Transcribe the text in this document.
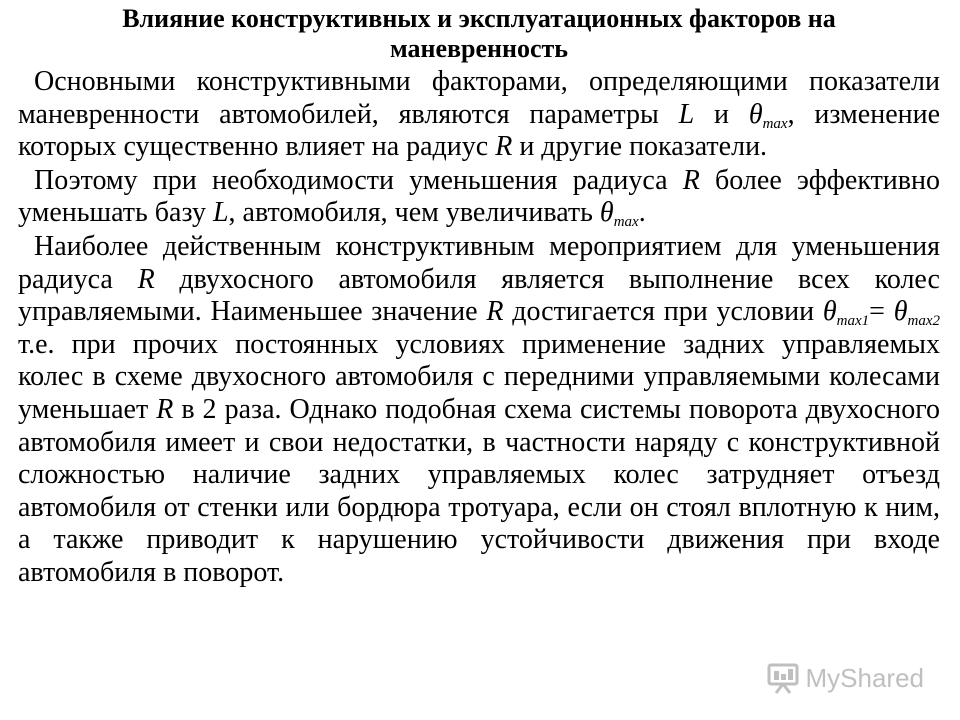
Влияние конструктивных и эксплуатационных факторов на
маневренность

Основными конструктивными факторами, определяющими показатели маневренности автомобилей, являются параметры L и $\theta_{max}$, изменение которых существенно влияет на радиус R и другие показатели.

Поэтому при необходимости уменьшения радиуса R более эффективно уменьшать базу L, автомобиля, чем увеличивать $\theta_{max}$.

Наиболее действенным конструктивным мероприятием для уменьшения радиуса R двухосного автомобиля является выполнение всех колес управляемыми. Наименьшее значение R достигается при условии $\theta_{max1}= \theta_{max2}$ т.е. при прочих постоянных условиях применение задних управляемых колес в схеме двухосного автомобиля с передними управляемыми колесами уменьшает R в 2 раза. Однако подобная схема системы поворота двухосного автомобиля имеет и свои недостатки, в частности наряду с конструктивной сложностью наличие задних управляемых колес затрудняет отъезд автомобиля от стенки или бордюра тротуара, если он стоял вплотную к ним, а также приводит к нарушению устойчивости движения при входе автомобиля в поворот.

MyShared
